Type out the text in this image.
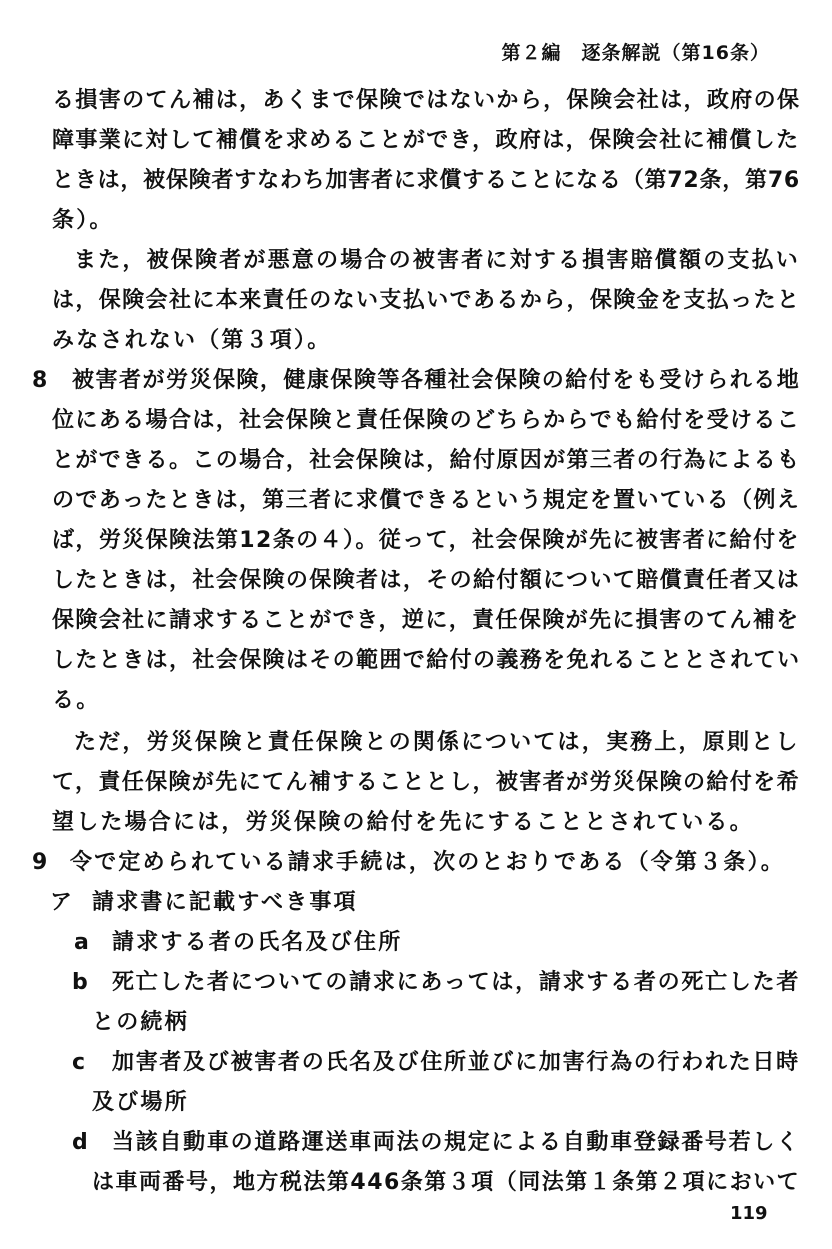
第２編　逐条解説（第16条）
る損害のてん補は，あくまで保険ではないから，保険会社は，政府の保
障事業に対して補償を求めることができ，政府は，保険会社に補償した
ときは，被保険者すなわち加害者に求償することになる（第72条，第76
条）。
また，被保険者が悪意の場合の被害者に対する損害賠償額の支払い
は，保険会社に本来責任のない支払いであるから，保険金を支払ったと
みなされない（第３項）。
8 被害者が労災保険，健康保険等各種社会保険の給付をも受けられる地
位にある場合は，社会保険と責任保険のどちらからでも給付を受けるこ
とができる。この場合，社会保険は，給付原因が第三者の行為によるも
のであったときは，第三者に求償できるという規定を置いている（例え
ば，労災保険法第12条の４）。従って，社会保険が先に被害者に給付を
したときは，社会保険の保険者は，その給付額について賠償責任者又は
保険会社に請求することができ，逆に，責任保険が先に損害のてん補を
したときは，社会保険はその範囲で給付の義務を免れることとされてい
る。
ただ，労災保険と責任保険との関係については，実務上，原則とし
て，責任保険が先にてん補することとし，被害者が労災保険の給付を希
望した場合には，労災保険の給付を先にすることとされている。
9 令で定められている請求手続は，次のとおりである（令第３条）。
ア 請求書に記載すべき事項
a 請求する者の氏名及び住所
b 死亡した者についての請求にあっては，請求する者の死亡した者
との続柄
c 加害者及び被害者の氏名及び住所並びに加害行為の行われた日時
及び場所
d 当該自動車の道路運送車両法の規定による自動車登録番号若しく
は車両番号，地方税法第446条第３項（同法第１条第２項において
119
